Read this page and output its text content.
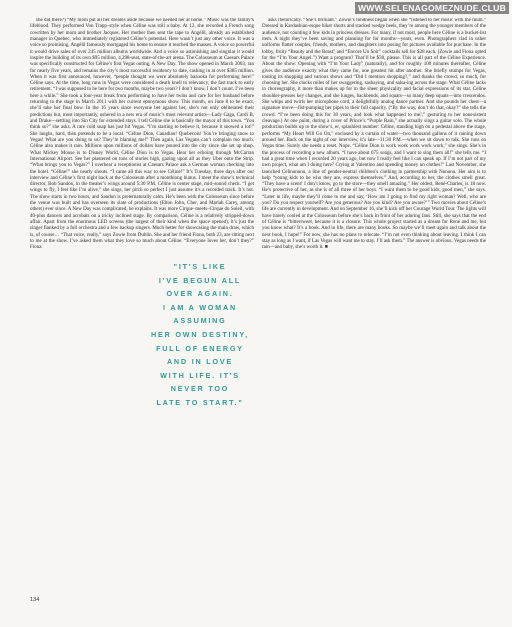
WWW.SELENAGOMEZNUDE.CLUB

she did there?) “My mom put all her dreams aside because we needed her at home.” Music was the family’s lifeblood. They performed Von Trapp–style when Céline was still a baby. At 12, she recorded a French song cowritten by her mom and brother Jacques. Her mother then sent the tape to Angélil, already an established manager in Quebec, who immediately registered Céline’s potential. Here wasn’t just any other voice. It was a voice so promising, Angélil famously mortgaged his home to ensure it reached the masses. A voice so powerful it would drive sales of over 245 million albums worldwide. And a voice so astonishing and singular it would inspire the building of its own $95 million, 4,298-seat, state-of-the-art arena. The Colosseum at Caesars Palace was specifically constructed for Céline’s first Vegas outing, A New Day. The show opened in March 2003, ran for nearly five years, and remains the city’s most successful residency to date, cashing in at over $385 million. When it was first announced, however, “people thought we were absolutely bazooka for performing here!” Céline says. At the time, long runs in Vegas were considered a death knell to relevancy, the fast track to early retirement. “I was supposed to be here for two months, maybe two years? I don’t know, I don’t count. I’ve been here a while.” She took a four-year break from performing to have her twins and care for her husband before returning to the stage in March 2011 with her current eponymous show. This month, on June 8 to be exact, she’ll take her final bow. In the 16 years since everyone bet against her, she’s not only obliterated their predictions but, most importantly, ushered in a new era of music’s most relevant artists—Lady Gaga, Cardi B, and Drake—settling into Sin City for extended stays. I tell Céline she is basically the mayor of this town. “You think so?” she asks. A rare cold snap has just hit Vegas. “I’m starting to believe it, because it snowed a lot!” She laughs, hard, then pretends to be a local. “Céline Dion, Canadian! Quebecois! You’re bringing snow to Vegas! What are you doing to us? They’re blaming me!” Then again, Las Vegans can’t complain too much. Céline also makes it rain. Millions upon millions of dollars have poured into the city since she set up shop. What Mickey Mouse is to Disney World, Céline Dion is to Vegas. Hear her echoing through McCarran International Airport. See her plastered on tons of stories high, gazing upon all as they Uber onto the Strip. “What brings you to Vegas?” I overhear a receptionist at Caesars Palace ask a German woman checking into the hotel. “Céline!” she nearly shouts. “I came all this way to see Céline!” It’s Tuesday, three days after our interview and Céline’s first night back at the Colosseum after a monthlong hiatus. I meet the show’s technical director, Bob Sandon, in the theater’s wings around 5:30 P.M. Céline is center stage, mid–sound check. “I get wings to fly, I feel like I’m alive,” she sings, her pitch so perfect I just assume it’s a recorded track. It’s not. The show starts in two hours, and Sandon is preternaturally calm. He’s been with the Colosseum since before the venue was built and has overseen its slate of productions (Elton John, Cher, and Mariah Carey, among others) ever since. A New Day was complicated, he explains. It was more Cirque–meets–Cirque du Soleil, with 40-plus dancers and acrobats on a tricky inclined stage. By comparison, Céline is a relatively stripped-down affair. Apart from the enormous LED screens (the largest of their kind when the space opened), it’s just the singer flanked by a full orchestra and a few backup singers. Much better for showcasing the main draw, which is, of course… “That voice, really,” says Zowie from Dublin. She and her friend Fiona, both 23, are sitting next to me at the show. I’ve asked them what they love so much about Céline. “Everyone loves her, don’t they?” Fiona

asks rhetorically. “She’s brilliant.” Zowie’s fondness began when she “listened to her music with me mum.” Dressed in Kardashian-esque biker shorts and stacked wedge heels, they’re among the younger members of the audience, not counting a few kids in princess dresses. For many, if not most, people here Céline is a bucket-list item. A night they’ve been saving and planning for for months—years, even. Photographers clad in usher uniforms flatter couples, friends, mothers, and daughters into posing for pictures available for purchase. In the lobby, fruity “Beauty and the Beast” and “Encore Un Soir” cocktails sell for $28 each. (Zowie and Fiona opted for the “I’m Your Angel.”) Want a program? That’ll be $30, please. This is all part of the Céline Experience. About the show: Opening with “I’m Your Lady” (naturally), and for roughly 100 minutes thereafter, Céline gives the audience exactly what they came for, one greatest hit after another. She briefly stumps for Vegas, touting its shopping and various shows and “Did I mention shopping?,” and thanks the crowd, so much, for choosing her. She clocks miles of her swaggering, sashaying, and salsa-ing across the stage. What Céline lacks in choreography, it more than makes up for in the sheer physicality and facial expressions of its star. Céline shoulder-presses key changes, and she lunges, backbends, and squats—so many deep squats—into crescendos. She whips and twirls her microphone cord, a delightfully analog dance partner. And she pounds her chest—a signature move—fist-pumping her pipes to their full capacity. (“By the way, don’t do that, okay?” she tells the crowd. “I’ve been doing this for 30 years, and look what happened to me!,” gesturing to her nonexistent cleavage.) At one point, during a cover of Prince’s “Purple Rain,” she actually sings a guitar solo. The whole production builds up to the show’s, er, splashiest number: Céline, standing high on a pedestal above the stage, performs “My Heart Will Go On,” enclosed by a curtain of water—two thousand gallons of it raining down around her. Back on the night of our interview, it’s late—11:30 P.M.—when we sit down to talk. She runs on Vegas time. Surely she needs a reset. Nope. “Céline Dion is work work work work work,” she sings. She’s in the process of recording a new album. “I have about 675 songs, and I want to sing them all!” she tells me. “I had a great time when I recorded 20 years ago, but now I really feel like I can speak up. If I’m not part of my own project, what am I doing here? Crying at Valentino and spending money on clothes!” Last November, she launched Celinununu, a line of gender-neutral children’s clothing in partnership with Nununu. Her aim is to help “young kids to be who they are, express themselves.” And, according to her, the clothes smell great. “They have a scent! I don’t know, go to the store—they smell amazing.” Her oldest, René-Charles, is 18 now. He’s protective of her, as she is of all three of her boys. “I want them to be good kids, good men,” she says. “Later in life, maybe they’ll come to me and say, ‘How am I going to find my right woman? Well, who are you? Do you respect yourself? Are you generous? Are you kind? Are you aware?’” Two movies about Céline’s life are currently in development. And on September 16, she’ll kick off her Courage World Tour. The lights will have barely cooled at the Colosseum before she’s back in front of her adoring fans. Still, she says that the end of Céline is “bittersweet, because it is a closure. This whole project started as a dream for René and me, but you know what? It’s a book. And in life, there are many books. So maybe we’ll meet again and talk about the next book, I hope!” For now, she has no plans to relocate. “I’m not even thinking about leaving. I think I can stay as long as I want, if Las Vegas will want me to stay. I’ll ask them.” The answer is obvious. Vegas needs the rain—and baby, she’s worth it. ■

"IT'S LIKE
I'VE BEGUN ALL
OVER AGAIN.
I AM A WOMAN
ASSUMING
HER OWN DESTINY,
FULL OF ENERGY
AND IN LOVE
WITH LIFE. IT'S
NEVER TOO
LATE TO START."
134
